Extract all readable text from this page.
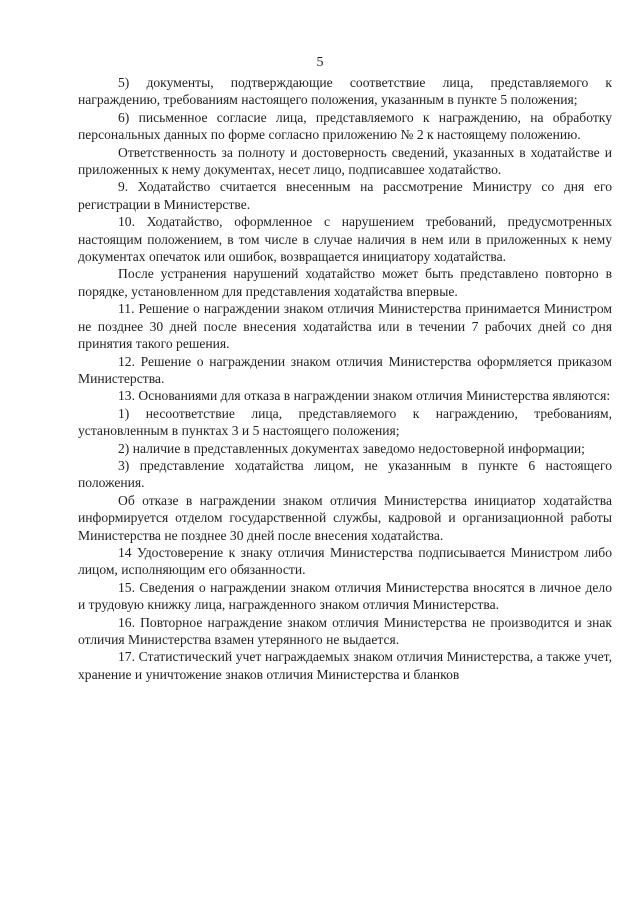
5

5) документы, подтверждающие соответствие лица, представляемого к награждению, требованиям настоящего положения, указанным в пункте 5 положения;

6) письменное согласие лица, представляемого к награждению, на обработку персональных данных по форме согласно приложению № 2 к настоящему положению.

Ответственность за полноту и достоверность сведений, указанных в ходатайстве и приложенных к нему документах, несет лицо, подписавшее ходатайство.

9. Ходатайство считается внесенным на рассмотрение Министру со дня его регистрации в Министерстве.

10. Ходатайство, оформленное с нарушением требований, предусмотренных настоящим положением, в том числе в случае наличия в нем или в приложенных к нему документах опечаток или ошибок, возвращается инициатору ходатайства.

После устранения нарушений ходатайство может быть представлено повторно в порядке, установленном для представления ходатайства впервые.

11. Решение о награждении знаком отличия Министерства принимается Министром не позднее 30 дней после внесения ходатайства или в течении 7 рабочих дней со дня принятия такого решения.

12. Решение о награждении знаком отличия Министерства оформляется приказом Министерства.

13. Основаниями для отказа в награждении знаком отличия Министерства являются:

1) несоответствие лица, представляемого к награждению, требованиям, установленным в пунктах 3 и 5 настоящего положения;

2) наличие в представленных документах заведомо недостоверной информации;

3) представление ходатайства лицом, не указанным в пункте 6 настоящего положения.

Об отказе в награждении знаком отличия Министерства инициатор ходатайства информируется отделом государственной службы, кадровой и организационной работы Министерства не позднее 30 дней после внесения ходатайства.

14 Удостоверение к знаку отличия Министерства подписывается Министром либо лицом, исполняющим его обязанности.

15. Сведения о награждении знаком отличия Министерства вносятся в личное дело и трудовую книжку лица, награжденного знаком отличия Министерства.

16. Повторное награждение знаком отличия Министерства не производится и знак отличия Министерства взамен утерянного не выдается.

17. Статистический учет награждаемых знаком отличия Министерства, а также учет, хранение и уничтожение знаков отличия Министерства и бланков
